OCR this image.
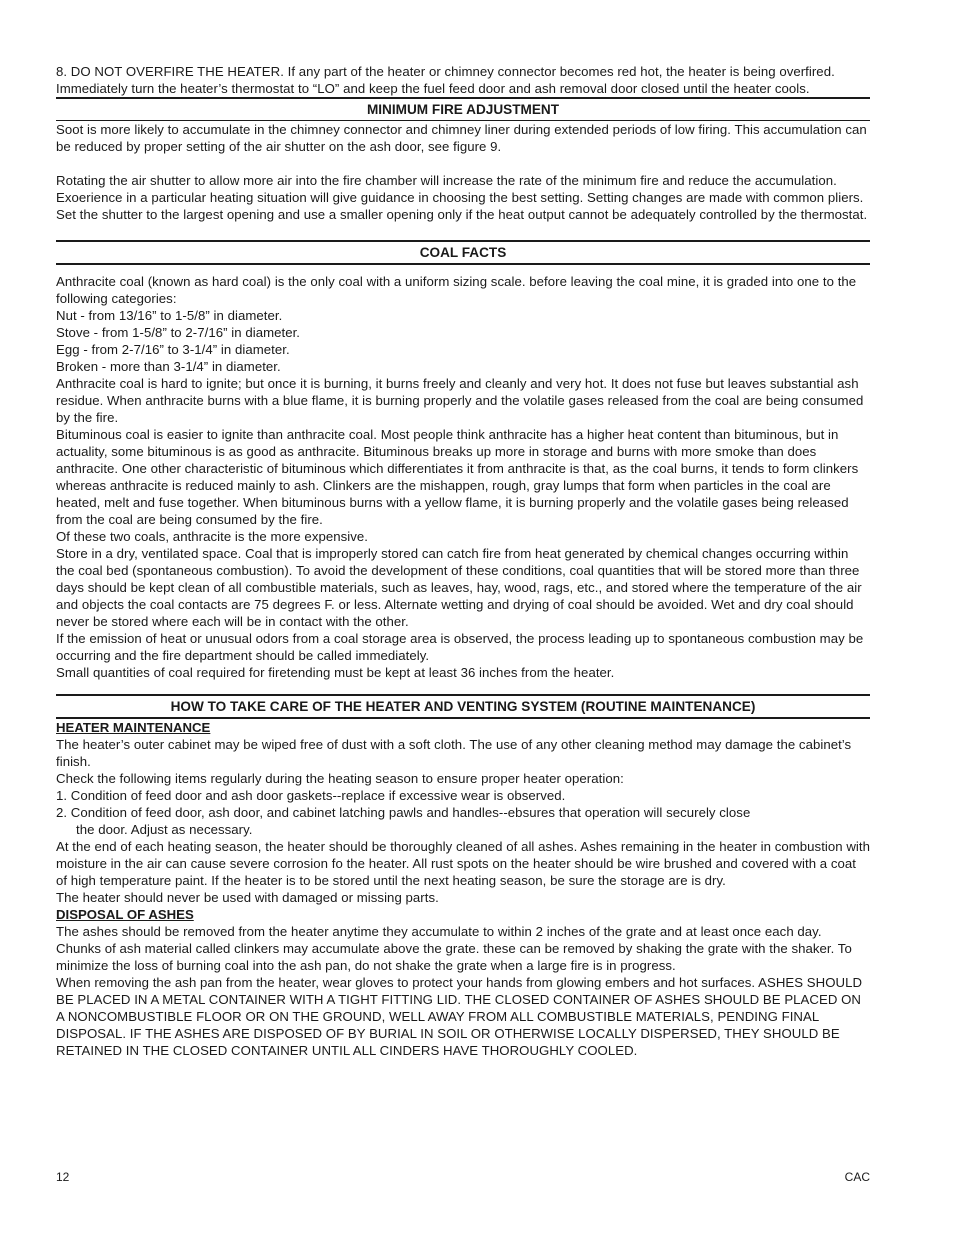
8. DO NOT OVERFIRE THE HEATER. If any part of the heater or chimney connector becomes red hot, the heater is being overfired. Immediately turn the heater’s thermostat to “LO” and keep the fuel feed door and ash removal door closed until the heater cools.

MINIMUM FIRE ADJUSTMENT

Soot is more likely to accumulate in the chimney connector and chimney liner during extended periods of low firing. This accumulation can be reduced by proper setting of the air shutter on the ash door, see figure 9.

Rotating the air shutter to allow more air into the fire chamber will increase the rate of the minimum fire and reduce the accumulation. Exoerience in a particular heating situation will give guidance in choosing the best setting. Setting changes are made with common pliers. Set the shutter to the largest opening and use a smaller opening only if the heat output cannot be adequately controlled by the thermostat.

COAL FACTS

Anthracite coal (known as hard coal) is the only coal with a uniform sizing scale. before leaving the coal mine, it is graded into one to the following categories:

Nut - from 13/16” to 1-5/8” in diameter.

Stove - from 1-5/8” to 2-7/16” in diameter.

Egg - from 2-7/16” to 3-1/4” in diameter.

Broken - more than 3-1/4” in diameter.

Anthracite coal is hard to ignite; but once it is burning, it burns freely and cleanly and very hot. It does not fuse but leaves substantial ash residue. When anthracite burns with a blue flame, it is burning properly and the volatile gases released from the coal are being consumed by the fire.

Bituminous coal is easier to ignite than anthracite coal. Most people think anthracite has a higher heat content than bituminous, but in actuality, some bituminous is as good as anthracite. Bituminous breaks up more in storage and burns with more smoke than does anthracite. One other characteristic of bituminous which differentiates it from anthracite is that, as the coal burns, it tends to form clinkers whereas anthracite is reduced mainly to ash. Clinkers are the mishappen, rough, gray lumps that form when particles in the coal are heated, melt and fuse together. When bituminous burns with a yellow flame, it is burning properly and the volatile gases being released from the coal are being consumed by the fire.

Of these two coals, anthracite is the more expensive.

Store in a dry, ventilated space. Coal that is improperly stored can catch fire from heat generated by chemical changes occurring within the coal bed (spontaneous combustion). To avoid the development of these conditions, coal quantities that will be stored more than three days should be kept clean of all combustible materials, such as leaves, hay, wood, rags, etc., and stored where the temperature of the air and objects the coal contacts are 75 degrees F. or less. Alternate wetting and drying of coal should be avoided. Wet and dry coal should never be stored where each will be in contact with the other.

If the emission of heat or unusual odors from a coal storage area is observed, the process leading up to spontaneous combustion may be occurring and the fire department should be called immediately.

Small quantities of coal required for firetending must be kept at least 36 inches from the heater.

HOW TO TAKE CARE OF THE HEATER AND VENTING SYSTEM (ROUTINE MAINTENANCE)
HEATER MAINTENANCE

The heater’s outer cabinet may be wiped free of dust with a soft cloth. The use of any other cleaning method may damage the cabinet’s finish.

Check the following items regularly during the heating season to ensure proper heater operation:

1. Condition of feed door and ash door gaskets--replace if excessive wear is observed.

2. Condition of feed door, ash door, and cabinet latching pawls and handles--ebsures that operation will securely close

the door. Adjust as necessary.

At the end of each heating season, the heater should be thoroughly cleaned of all ashes. Ashes remaining in the heater in combustion with moisture in the air can cause severe corrosion fo the heater. All rust spots on the heater should be wire brushed and covered with a coat of high temperature paint. If the heater is to be stored until the next heating season, be sure the storage are is dry.

The heater should never be used with damaged or missing parts.

DISPOSAL OF ASHES

The ashes should be removed from the heater anytime they accumulate to within 2 inches of the grate and at least once each day. Chunks of ash material called clinkers may accumulate above the grate. these can be removed by shaking the grate with the shaker. To minimize the loss of burning coal into the ash pan, do not shake the grate when a large fire is in progress.

When removing the ash pan from the heater, wear gloves to protect your hands from glowing embers and hot surfaces. ASHES SHOULD BE PLACED IN A METAL CONTAINER WITH A TIGHT FITTING LID. THE CLOSED CONTAINER OF ASHES SHOULD BE PLACED ON A NONCOMBUSTIBLE FLOOR OR ON THE GROUND, WELL AWAY FROM ALL COMBUSTIBLE MATERIALS, PENDING FINAL DISPOSAL. IF THE ASHES ARE DISPOSED OF BY BURIAL IN SOIL OR OTHERWISE LOCALLY DISPERSED, THEY SHOULD BE RETAINED IN THE CLOSED CONTAINER UNTIL ALL CINDERS HAVE THOROUGHLY COOLED.

12	CAC
